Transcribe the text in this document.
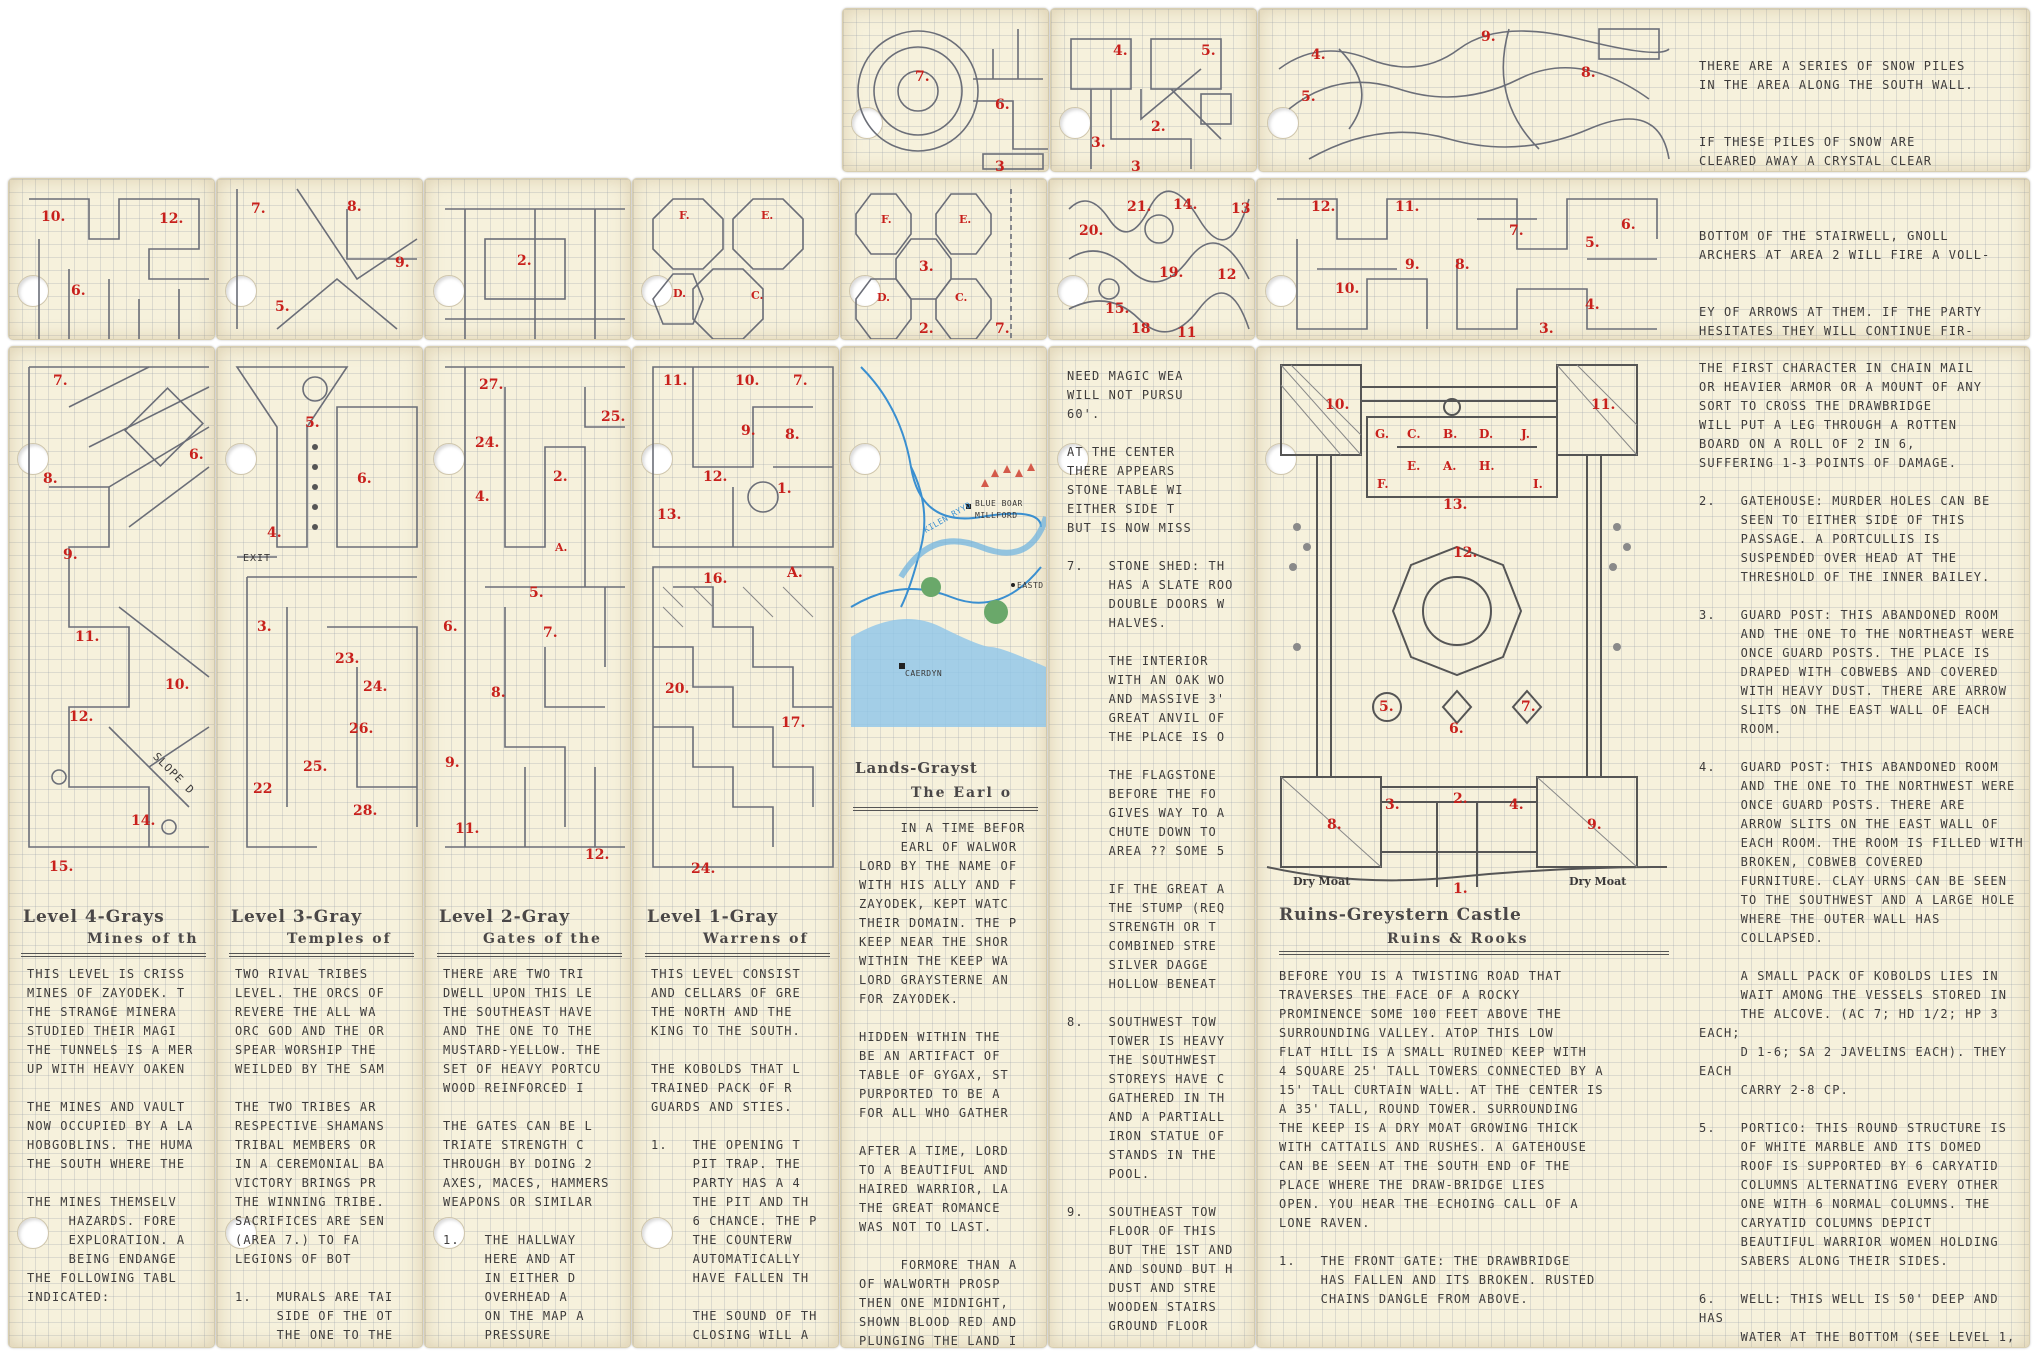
7.
6.
3
4.	5.
3.
2.
3
4.
9.
8.
5.

THERE ARE A SERIES OF SNOW PILES
IN THE AREA ALONG THE SOUTH WALL.

IF THESE PILES OF SNOW ARE
CLEARED AWAY A CRYSTAL CLEAR

10.	12.
6.
7.	8.
5.
9.	2.
F.	E.
D.	C.
F.	E.
3.
D.	C.
2.	7.
21. 14. 13
20.
19. 12
15.
18 11
12.	11.
7.
5.
6.
9.	8.
10.
4.
3.

BOTTOM OF THE STAIRWELL, GNOLL
ARCHERS AT AREA 2 WILL FIRE A VOLL-

EY OF ARROWS AT THEM. IF THE PARTY
HESITATES THEY WILL CONTINUE FIR-

7.
6.
8.
9.
11.
10.
12.
14.
15.
SLOPE D
Level 4-Grays
Mines of th
THIS LEVEL IS CRISS
MINES OF ZAYODEK. T
THE STRANGE MINERA
STUDIED THEIR MAGI
THE TUNNELS IS A MER
UP WITH HEAVY OAKEN

THE MINES AND VAULT
NOW OCCUPIED BY A LA
HOBGOBLINS. THE HUMA
THE SOUTH WHERE THE

THE MINES THEMSELV
HAZARDS. FORE
EXPLORATION. A
BEING ENDANGE
THE FOLLOWING TABL
INDICATED:
5.
6.
4.
3.
23.
24.
26.
25.
22
28.
EXIT
Level 3-Gray
Temples of
TWO RIVAL TRIBES
LEVEL. THE ORCS OF
REVERE THE ALL WA
ORC GOD AND THE OR
SPEAR WORSHIP THE
WEILDED BY THE SAM

THE TWO TRIBES AR
RESPECTIVE SHAMANS
TRIBAL MEMBERS OR
IN A CEREMONIAL BA
VICTORY BRINGS PR
THE WINNING TRIBE.
SACRIFICES ARE SEN
(AREA 7.) TO FA
LEGIONS OF BOT

1.   MURALS ARE TAI
SIDE OF THE OT
THE ONE TO THE
27.
25.
24.
2.
4.
A.
5.
6.	7.
8.
9.
11.
12.
Level 2-Gray
Gates of the
THERE ARE TWO TRI
DWELL UPON THIS LE
THE SOUTHEAST HAVE
AND THE ONE TO THE
MUSTARD-YELLOW. THE
SET OF HEAVY PORTCU
WOOD REINFORCED I

THE GATES CAN BE L
TRIATE STRENGTH C
THROUGH BY DOING 2
AXES, MACES, HAMMERS
WEAPONS OR SIMILAR

1.   THE HALLWAY
HERE AND AT
IN EITHER D
OVERHEAD A
ON THE MAP A
PRESSURE
11.	10. 7.
9. 8.
12.
1.
13.
16.	A.
20.
17.
24.
Level 1-Gray
Warrens of
THIS LEVEL CONSIST
AND CELLARS OF GRE
THE NORTH AND THE
KING TO THE SOUTH.

THE KOBOLDS THAT L
TRAINED PACK OF R
GUARDS AND STIES.

1.   THE OPENING T
PIT TRAP. THE
PARTY HAS A 4
THE PIT AND TH
6 CHANCE. THE P
THE COUNTERW
AUTOMATICALLY
HAVE FALLEN TH

THE SOUND OF TH
CLOSING WILL A
BLUE BOAR
MILLFORD
EASTD
CAERDYN
KILEN RYYD
Lands-Grayst
The Earl o
IN A TIME BEFOR
EARL OF WALWOR
LORD BY THE NAME OF
WITH HIS ALLY AND F
ZAYODEK, KEPT WATC
THEIR DOMAIN. THE P
KEEP NEAR THE SHOR
WITHIN THE KEEP WA
LORD GRAYSTERNE AN
FOR ZAYODEK.

HIDDEN WITHIN THE
BE AN ARTIFACT OF
TABLE OF GYGAX, ST
PURPORTED TO BE A
FOR ALL WHO GATHER

AFTER A TIME, LORD
TO A BEAUTIFUL AND
HAIRED WARRIOR, LA
THE GREAT ROMANCE
WAS NOT TO LAST.

FORMORE THAN A
OF WALWORTH PROSP
THEN ONE MIDNIGHT,
SHOWN BLOOD RED AND
PLUNGING THE LAND I
NEED MAGIC WEA
WILL NOT PURSU
60'.

AT THE CENTER
THERE APPEARS
STONE TABLE WI
EITHER SIDE T
BUT IS NOW MISS

7.   STONE SHED: TH
HAS A SLATE ROO
DOUBLE DOORS W
HALVES.

THE INTERIOR
WITH AN OAK WO
AND MASSIVE 3'
GREAT ANVIL OF
THE PLACE IS O

THE FLAGSTONE
BEFORE THE FO
GIVES WAY TO A
CHUTE DOWN TO
AREA ?? SOME 5

IF THE GREAT A
THE STUMP (REQ
STRENGTH OR T
COMBINED STRE
SILVER DAGGE
HOLLOW BENEAT

8.   SOUTHWEST TOW
TOWER IS HEAVY
THE SOUTHWEST
STOREYS HAVE C
GATHERED IN TH
AND A PARTIALL
IRON STATUE OF
STANDS IN THE
POOL.

9.   SOUTHEAST TOW
FLOOR OF THIS
BUT THE 1ST AND
AND SOUND BUT H
DUST AND STRE
WOODEN STAIRS
GROUND FLOOR
10.	11.
G. C. B. D. J.
E. A. H.
F.	I.
13.
12.
5.	7.
6.
3.	2.	4.
8.	9.
1.
Dry Moat	Dry Moat
Ruins-Greystern Castle
Ruins & Rooks
BEFORE YOU IS A TWISTING ROAD THAT
TRAVERSES THE FACE OF A ROCKY
PROMINENCE SOME 100 FEET ABOVE THE
SURROUNDING VALLEY. ATOP THIS LOW
FLAT HILL IS A SMALL RUINED KEEP WITH
4 SQUARE 25' TALL TOWERS CONNECTED BY A
15' TALL CURTAIN WALL. AT THE CENTER IS
A 35' TALL, ROUND TOWER. SURROUNDING
THE KEEP IS A DRY MOAT GROWING THICK
WITH CATTAILS AND RUSHES. A GATEHOUSE
CAN BE SEEN AT THE SOUTH END OF THE
PLACE WHERE THE DRAW-BRIDGE LIES
OPEN. YOU HEAR THE ECHOING CALL OF A
LONE RAVEN.

1.   THE FRONT GATE: THE DRAWBRIDGE
HAS FALLEN AND ITS BROKEN. RUSTED
CHAINS DANGLE FROM ABOVE.
THE FIRST CHARACTER IN CHAIN MAIL
OR HEAVIER ARMOR OR A MOUNT OF ANY
SORT TO CROSS THE DRAWBRIDGE
WILL PUT A LEG THROUGH A ROTTEN
BOARD ON A ROLL OF 2 IN 6,
SUFFERING 1-3 POINTS OF DAMAGE.

2.   GATEHOUSE: MURDER HOLES CAN BE
SEEN TO EITHER SIDE OF THIS
PASSAGE. A PORTCULLIS IS
SUSPENDED OVER HEAD AT THE
THRESHOLD OF THE INNER BAILEY.

3.   GUARD POST: THIS ABANDONED ROOM
AND THE ONE TO THE NORTHEAST WERE
ONCE GUARD POSTS. THE PLACE IS
DRAPED WITH COBWEBS AND COVERED
WITH HEAVY DUST. THERE ARE ARROW
SLITS ON THE EAST WALL OF EACH
ROOM.

4.   GUARD POST: THIS ABANDONED ROOM
AND THE ONE TO THE NORTHWEST WERE
ONCE GUARD POSTS. THERE ARE
ARROW SLITS ON THE EAST WALL OF
EACH ROOM. THE ROOM IS FILLED WITH
BROKEN, COBWEB COVERED
FURNITURE. CLAY URNS CAN BE SEEN
TO THE SOUTHWEST AND A LARGE HOLE
WHERE THE OUTER WALL HAS
COLLAPSED.

A SMALL PACK OF KOBOLDS LIES IN
WAIT AMONG THE VESSELS STORED IN
THE ALCOVE. (AC 7; HD 1/2; HP 3 EACH;
D 1-6; SA 2 JAVELINS EACH). THEY EACH
CARRY 2-8 CP.

5.   PORTICO: THIS ROUND STRUCTURE IS
OF WHITE MARBLE AND ITS DOMED
ROOF IS SUPPORTED BY 6 CARYATID
COLUMNS ALTERNATING EVERY OTHER
ONE WITH 6 NORMAL COLUMNS. THE
CARYATID COLUMNS DEPICT
BEAUTIFUL WARRIOR WOMEN HOLDING
SABERS ALONG THEIR SIDES.

6.   WELL: THIS WELL IS 50' DEEP AND HAS
WATER AT THE BOTTOM (SEE LEVEL 1,
